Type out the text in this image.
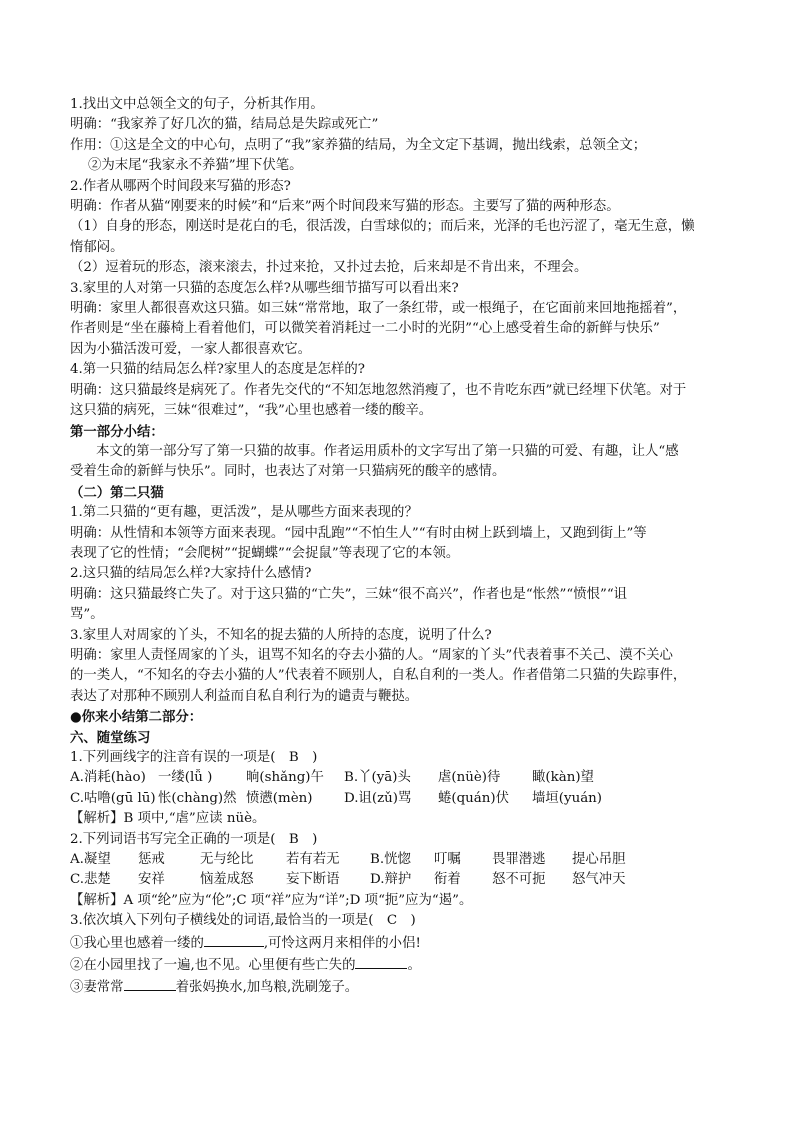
1.找出文中总领全文的句子，分析其作用。
明确：“我家养了好几次的猫，结局总是失踪或死亡”
作用：①这是全文的中心句，点明了“我”家养猫的结局，为全文定下基调，抛出线索，总领全文；
②为末尾“我家永不养猫”埋下伏笔。
2.作者从哪两个时间段来写猫的形态?
明确：作者从猫“刚要来的时候”和“后来”两个时间段来写猫的形态。主要写了猫的两种形态。
（1）自身的形态，刚送时是花白的毛，很活泼，白雪球似的；而后来，光泽的毛也污涩了，毫无生意，懒
惰郁闷。
（2）逗着玩的形态，滚来滚去，扑过来抢，又扑过去抢，后来却是不肯出来，不理会。
3.家里的人对第一只猫的态度怎么样?从哪些细节描写可以看出来?
明确：家里人都很喜欢这只猫。如三妹“常常地，取了一条红带，或一根绳子，在它面前来回地拖摇着”，
作者则是“坐在藤椅上看着他们，可以微笑着消耗过一二小时的光阴”“心上感受着生命的新鲜与快乐”
因为小猫活泼可爱，一家人都很喜欢它。
4.第一只猫的结局怎么样?家里人的态度是怎样的?
明确：这只猫最终是病死了。作者先交代的“不知怎地忽然消瘦了，也不肯吃东西”就已经埋下伏笔。对于
这只猫的病死，三妹“很难过”，“我”心里也感着一缕的酸辛。
第一部分小结：
本文的第一部分写了第一只猫的故事。作者运用质朴的文字写出了第一只猫的可爱、有趣，让人“感
受着生命的新鲜与快乐”。同时，也表达了对第一只猫病死的酸辛的感情。
（二）第二只猫
1.第二只猫的“更有趣，更活泼”，是从哪些方面来表现的？
明确：从性情和本领等方面来表现。“园中乱跑”“不怕生人”“有时由树上跃到墙上，又跑到街上”等
表现了它的性情；“会爬树”“捉蝴蝶”“会捉鼠”等表现了它的本领。
2.这只猫的结局怎么样?大家持什么感情?
明确：这只猫最终亡失了。对于这只猫的“亡失”，三妹“很不高兴”，作者也是“怅然”“愤恨”“诅
骂”。
3.家里人对周家的丫头，不知名的捉去猫的人所持的态度，说明了什么?
明确：家里人责怪周家的丫头，诅骂不知名的夺去小猫的人。“周家的丫头”代表着事不关己、漠不关心
的一类人，“不知名的夺去小猫的人”代表着不顾别人，自私自利的一类人。作者借第二只猫的失踪事件，
表达了对那种不顾别人利益而自私自利行为的谴责与鞭挞。
●你来小结第二部分：
六、随堂练习
1.下列画线字的注音有误的一项是(　B　)
A.消耗(hào) 一缕(lǚ )	晌(shǎng)午	B.丫(yā)头	虐(nüè)待	瞰(kàn)望
C.咕噜(gū lū) 怅(chàng)然 愤懑(mèn)	D.诅(zǔ)骂	蜷(quán)伏	墙垣(yuán)
【解析】B 项中,“虐”应读 nüè。
2.下列词语书写完全正确的一项是(　B　)
A.凝望	惩戒	无与纶比	若有若无	B.恍惚	叮嘱	畏罪潜逃	提心吊胆
C.悲楚	安祥	恼羞成怒	妄下断语	D.辩护	衔着	怒不可扼	怒气冲天
【解析】A 项“纶”应为“伦”;C 项“祥”应为“详”;D 项“扼”应为“遏”。
3.依次填入下列句子横线处的词语,最恰当的一项是(　C　)
①我心里也感着一缕的	,可怜这两月来相伴的小侣!
②在小园里找了一遍,也不见。心里便有些亡失的	。
③妻常常	着张妈换水,加鸟粮,洗刷笼子。
